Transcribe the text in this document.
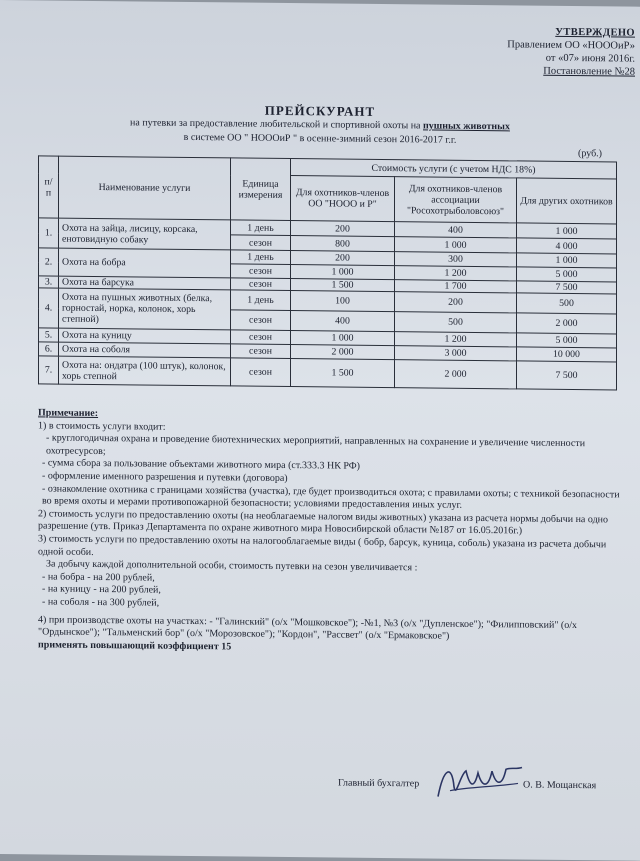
УТВЕРЖДЕНО
Правлением ОО «НОООиР»
от «07» июня 2016г.
Постановление №28
ПРЕЙСКУРАНТ
на путевки за предоставление любительской и спортивной охоты на пушных животных
в системе ОО " НОООиР " в осенне-зимний сезон 2016-2017 г.г.
(руб.)
п/п	Наименование услуги	Единица измерения	Стоимость услуги (с учетом НДС 18%)		
			Для охотников-членов ОО "НООО и Р"	Для охотников-членов ассоциации "Росохотрыболовсоюз"	Для других охотников
1.	Охота на зайца, лисицу, корсака, енотовидную собаку	1 день	200	400	1 000
		сезон	800	1 000	4 000
2.	Охота на бобра	1 день	200	300	1 000
		сезон	1 000	1 200	5 000
3.	Охота на барсука	сезон	1 500	1 700	7 500
4.	Охота на пушных животных (белка, горностай, норка, колонок, хорь степной)	1 день	100	200	500
		сезон	400	500	2 000
5.	Охота на куницу	сезон	1 000	1 200	5 000
6.	Охота на соболя	сезон	2 000	3 000	10 000
7.	Охота на: ондатра (100 штук), колонок, хорь степной	сезон	1 500	2 000	7 500

Примечание:

1) в стоимость услуги входит:

- круглогодичная охрана и проведение биотехнических мероприятий, направленных на сохранение и увеличение численности охотресурсов;

- сумма сбора за пользование объектами животного мира (ст.333.3 НК РФ)

- оформление именного разрешения и путевки (договора)

- ознакомление охотника с границами хозяйства (участка), где будет производиться охота; с правилами охоты; с техникой безопасности во время охоты и мерами противопожарной безопасности; условиями предоставления иных услуг.

2) стоимость услуги по предоставлению охоты (на необлагаемые налогом виды животных) указана из расчета нормы добычи на одно разрешение (утв. Приказ Департамента по охране животного мира Новосибирской области №187 от 16.05.2016г.)

3) стоимость услуги по предоставлению охоты на налогооблагаемые виды ( бобр, барсук, куница, соболь) указана из расчета добычи одной особи.

За добычу каждой дополнительной особи, стоимость путевки на сезон увеличивается :

- на бобра - на 200 рублей,

- на куницу - на 200 рублей,

- на соболя - на 300 рублей,

4) при производстве охоты на участках: - "Галинский" (о/х "Мошковское"); -№1, №3 (о/х "Дупленское"); "Филипповский" (о/х "Ордынское"); "Тальменский бор" (о/х "Морозовское"); "Кордон", "Рассвет" (о/х "Ермаковское")

применять повышающий коэффициент 15

Главный бухгалтер	О. В. Мощанская
